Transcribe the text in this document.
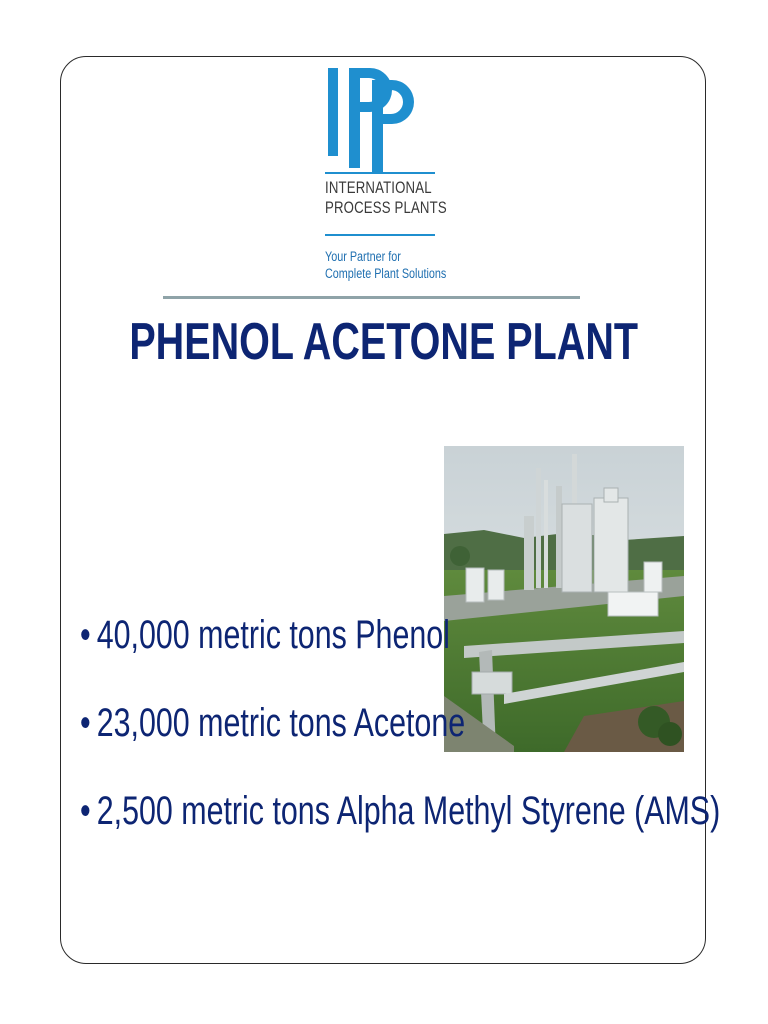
INTERNATIONAL
PROCESS PLANTS
Your Partner for
Complete Plant Solutions
PHENOL ACETONE PLANT
• 40,000 metric tons Phenol
• 23,000 metric tons Acetone
• 2,500 metric tons Alpha Methyl Styrene (AMS)
